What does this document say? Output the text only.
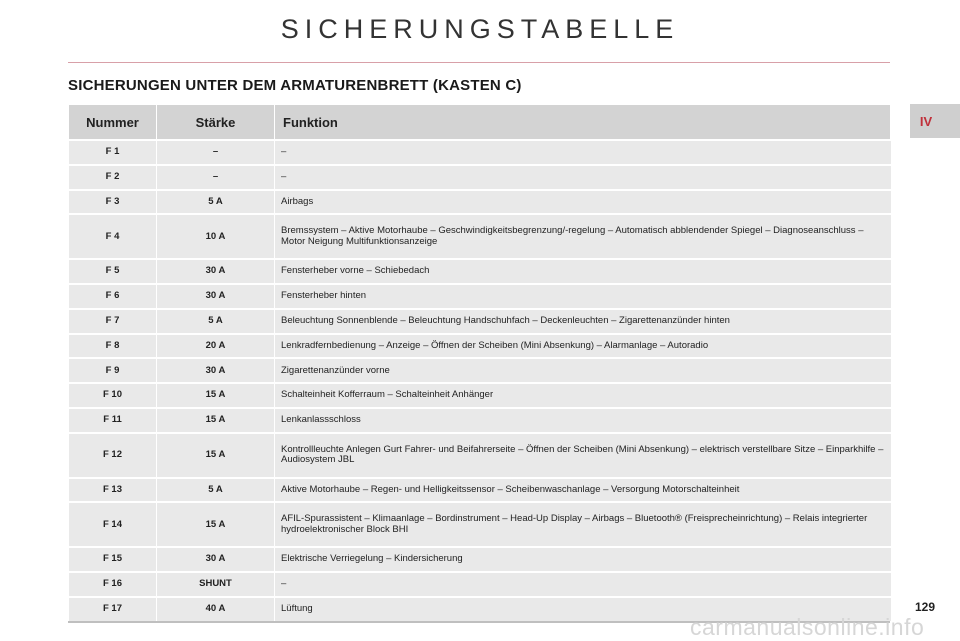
SICHERUNGSTABELLE
SICHERUNGEN UNTER DEM ARMATURENBRETT (KASTEN C)
IV
Nummer	Stärke	Funktion
F 1	–	–
F 2	–	–
F 3	5 A	Airbags
F 4	10 A	Bremssystem – Aktive Motorhaube – Geschwindigkeitsbegrenzung/-regelung – Automatisch abblendender Spiegel – Diagnoseanschluss – Motor Neigung Multifunktionsanzeige
F 5	30 A	Fensterheber vorne – Schiebedach
F 6	30 A	Fensterheber hinten
F 7	5 A	Beleuchtung Sonnenblende – Beleuchtung Handschuhfach – Deckenleuchten – Zigarettenanzünder hinten
F 8	20 A	Lenkradfernbedienung – Anzeige – Öffnen der Scheiben (Mini Absenkung) – Alarmanlage – Autoradio
F 9	30 A	Zigarettenanzünder vorne
F 10	15 A	Schalteinheit Kofferraum – Schalteinheit Anhänger
F 11	15 A	Lenkanlassschloss
F 12	15 A	Kontrollleuchte Anlegen Gurt Fahrer- und Beifahrerseite – Öffnen der Scheiben (Mini Absenkung) – elektrisch verstellbare Sitze – Einparkhilfe – Audiosystem JBL
F 13	5 A	Aktive Motorhaube – Regen- und Helligkeitssensor – Scheibenwaschanlage – Versorgung Motorschalteinheit
F 14	15 A	AFIL-Spurassistent – Klimaanlage – Bordinstrument – Head-Up Display – Airbags – Bluetooth® (Freisprecheinrichtung) – Relais integrierter hydroelektronischer Block BHI
F 15	30 A	Elektrische Verriegelung – Kindersicherung
F 16	SHUNT	–
F 17	40 A	Lüftung	129
carmanualsonline.info
